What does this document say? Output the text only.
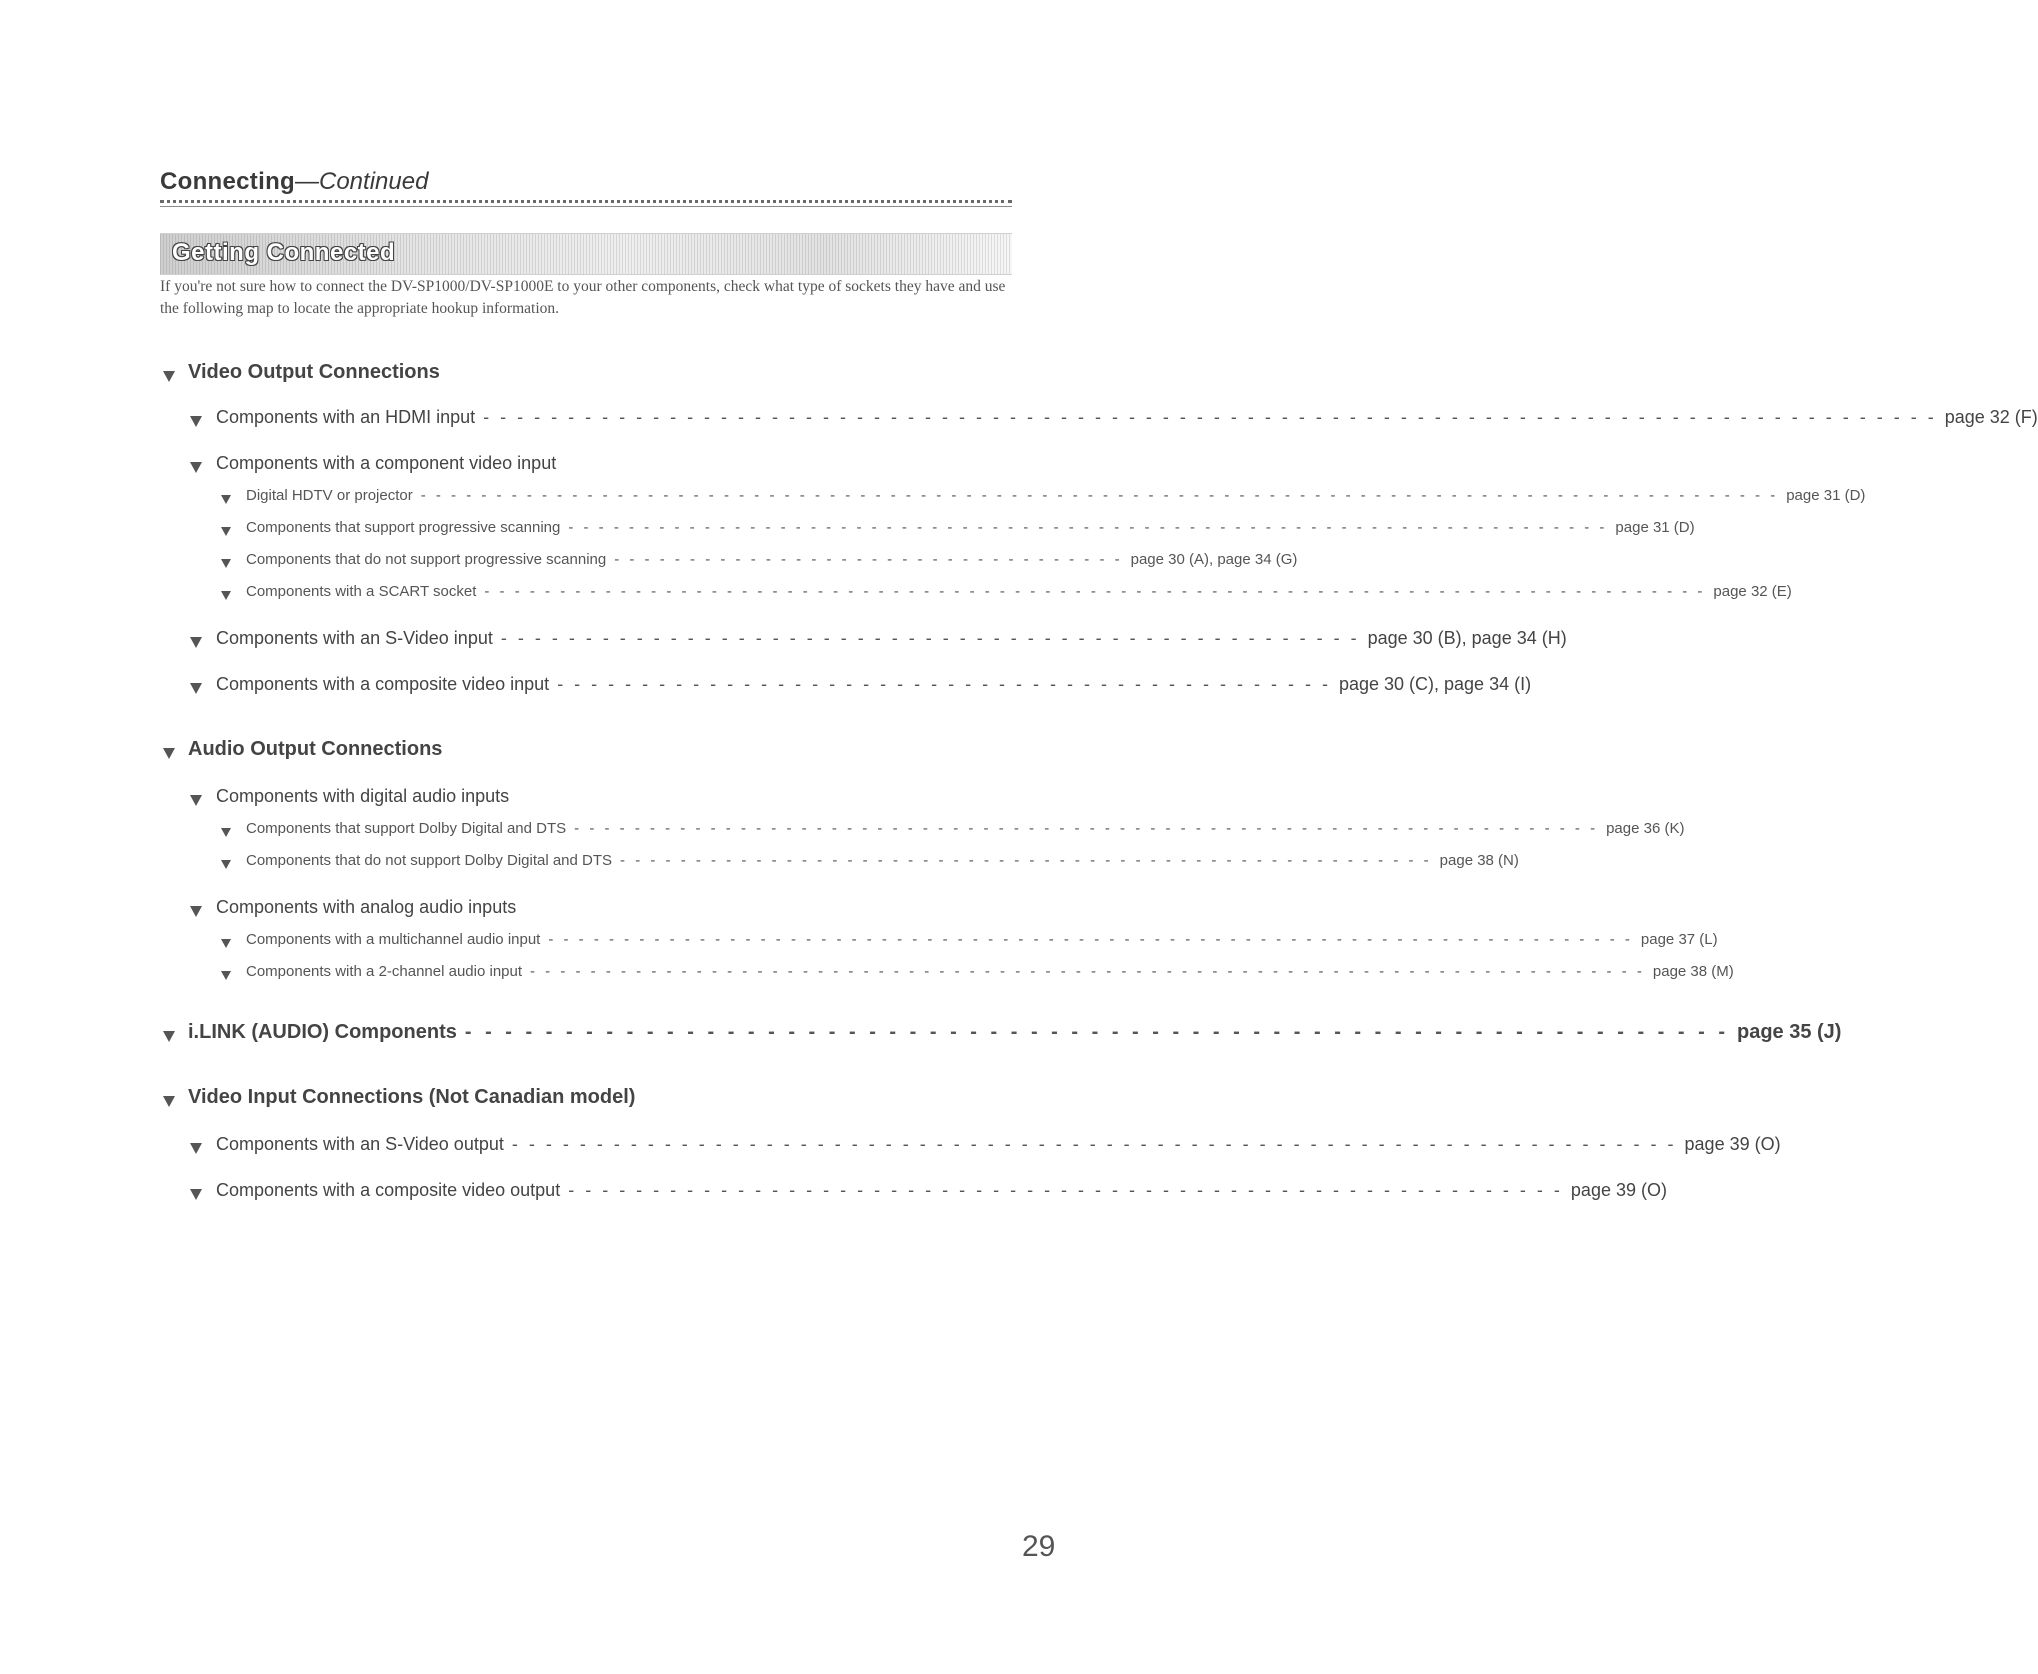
Connecting—Continued
Getting Connected
If you're not sure how to connect the DV-SP1000/DV-SP1000E to your other components, check what type of sockets they have and use the following map to locate the appropriate hookup information.
Video Output Connections
Components with an HDMI input - - - - - - - - - - - - - - - - - - - - - - - - - - - - - - - - - - - - - - - - - - - - - - - - - - - - - - - - - - - - - - - - - - - - - - - - - - - - - - - - - - - - - - page 32 (F)
Components with a component video input
Digital HDTV or projector - - - - - - - - - - - - - - - - - - - - - - - - - - - - - - - - - - - - - - - - - - - - - - - - - - - - - - - - - - - - - - - - - - - - - - - - - - - - - - - - - - - - - - - - - - page 31 (D)
Components that support progressive scanning - - - - - - - - - - - - - - - - - - - - - - - - - - - - - - - - - - - - - - - - - - - - - - - - - - - - - - - - - - - - - - - - - - - - - page 31 (D)
Components that do not support progressive scanning - - - - - - - - - - - - - - - - - - - - - - - - - - - - - - - - - - page 30 (A), page 34 (G)
Components with a SCART socket - - - - - - - - - - - - - - - - - - - - - - - - - - - - - - - - - - - - - - - - - - - - - - - - - - - - - - - - - - - - - - - - - - - - - - - - - - - - - - - - - page 32 (E)
Components with an S-Video input - - - - - - - - - - - - - - - - - - - - - - - - - - - - - - - - - - - - - - - - - - - - - - - - - - - page 30 (B), page 34 (H)
Components with a composite video input - - - - - - - - - - - - - - - - - - - - - - - - - - - - - - - - - - - - - - - - - - - - - - page 30 (C), page 34 (I)
Audio Output Connections
Components with digital audio inputs
Components that support Dolby Digital and DTS - - - - - - - - - - - - - - - - - - - - - - - - - - - - - - - - - - - - - - - - - - - - - - - - - - - - - - - - - - - - - - - - - - - - page 36 (K)
Components that do not support Dolby Digital and DTS - - - - - - - - - - - - - - - - - - - - - - - - - - - - - - - - - - - - - - - - - - - - - - - - - - - - - - page 38 (N)
Components with analog audio inputs
Components with a multichannel audio input - - - - - - - - - - - - - - - - - - - - - - - - - - - - - - - - - - - - - - - - - - - - - - - - - - - - - - - - - - - - - - - - - - - - - - - - page 37 (L)
Components with a 2-channel audio input - - - - - - - - - - - - - - - - - - - - - - - - - - - - - - - - - - - - - - - - - - - - - - - - - - - - - - - - - - - - - - - - - - - - - - - - - - page 38 (M)
i.LINK (AUDIO) Components - - - - - - - - - - - - - - - - - - - - - - - - - - - - - - - - - - - - - - - - - - - - - - - - - - - - - - - - - - - - - - - page 35 (J)
Video Input Connections (Not Canadian model)
Components with an S-Video output - - - - - - - - - - - - - - - - - - - - - - - - - - - - - - - - - - - - - - - - - - - - - - - - - - - - - - - - - - - - - - - - - - - - - page 39 (O)
Components with a composite video output - - - - - - - - - - - - - - - - - - - - - - - - - - - - - - - - - - - - - - - - - - - - - - - - - - - - - - - - - - - page 39 (O)
29
